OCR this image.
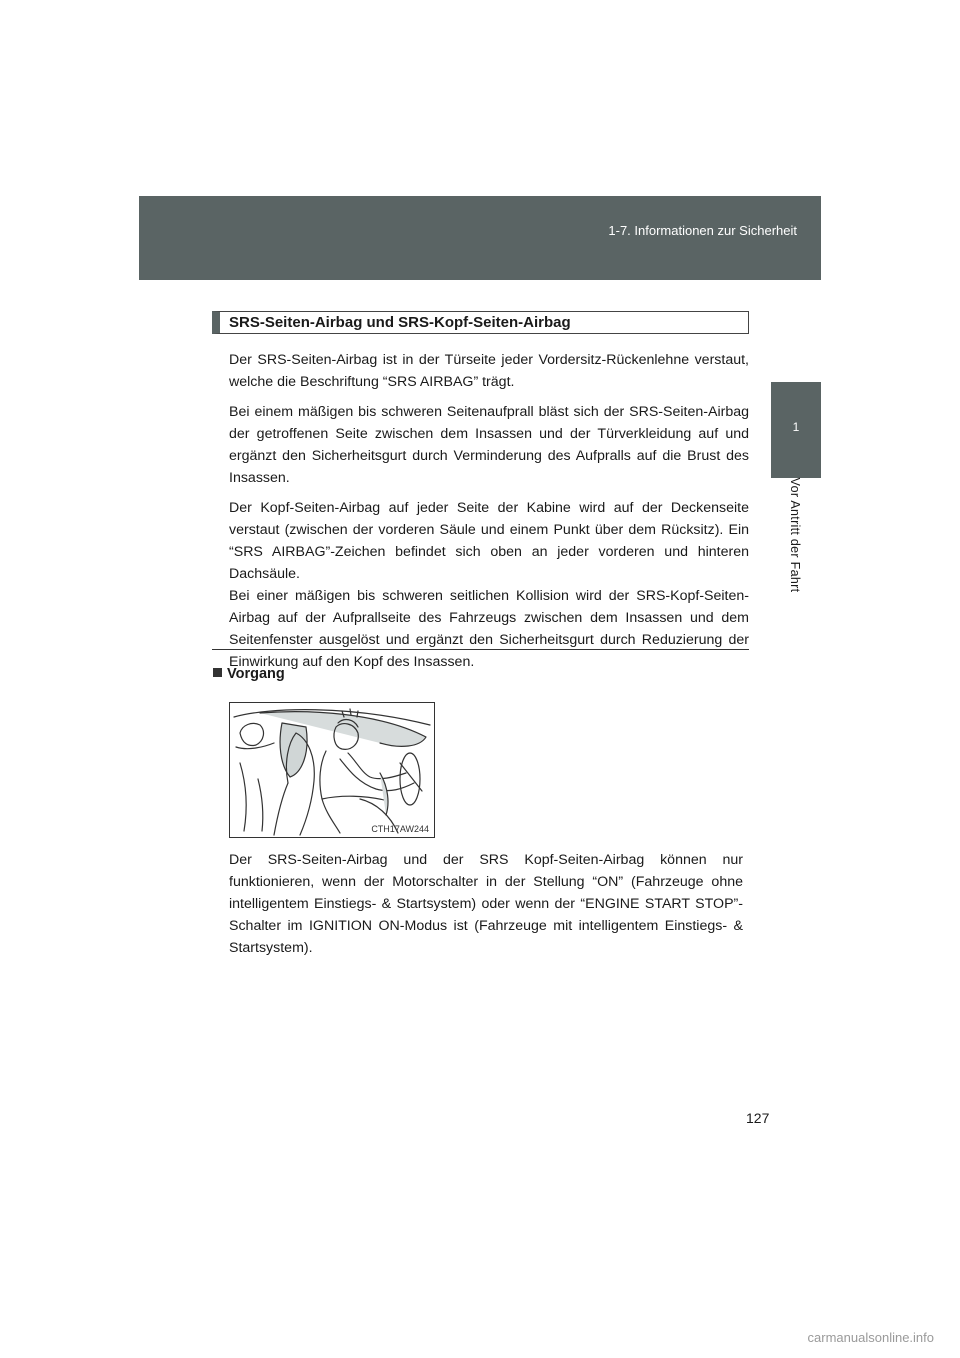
1-7. Informationen zur Sicherheit
1
Vor Antritt der Fahrt
SRS-Seiten-Airbag und SRS-Kopf-Seiten-Airbag

Der SRS-Seiten-Airbag ist in der Türseite jeder Vordersitz-Rückenlehne verstaut, welche die Beschriftung “SRS AIRBAG” trägt.

Bei einem mäßigen bis schweren Seitenaufprall bläst sich der SRS-Seiten-Airbag der getroffenen Seite zwischen dem Insassen und der Türverkleidung auf und ergänzt den Sicherheitsgurt durch Verminderung des Aufpralls auf die Brust des Insassen.

Der Kopf-Seiten-Airbag auf jeder Seite der Kabine wird auf der Deckenseite verstaut (zwischen der vorderen Säule und einem Punkt über dem Rücksitz). Ein “SRS AIRBAG”-Zeichen befindet sich oben an jeder vorderen und hinteren Dachsäule.

Bei einer mäßigen bis schweren seitlichen Kollision wird der SRS-Kopf-Seiten-Airbag auf der Aufprallseite des Fahrzeugs zwischen dem Insassen und dem Seitenfenster ausgelöst und ergänzt den Sicherheitsgurt durch Reduzierung der Einwirkung auf den Kopf des Insassen.

Vorgang
CTH17AW244
Der SRS-Seiten-Airbag und der SRS Kopf-Seiten-Airbag können nur funktionieren, wenn der Motorschalter in der Stellung “ON” (Fahrzeuge ohne intelligentem Einstiegs- & Startsystem) oder wenn der “ENGINE START STOP”-Schalter im IGNITION ON-Modus ist (Fahrzeuge mit intelligentem Einstiegs- & Startsystem).
127
carmanualsonline.info
